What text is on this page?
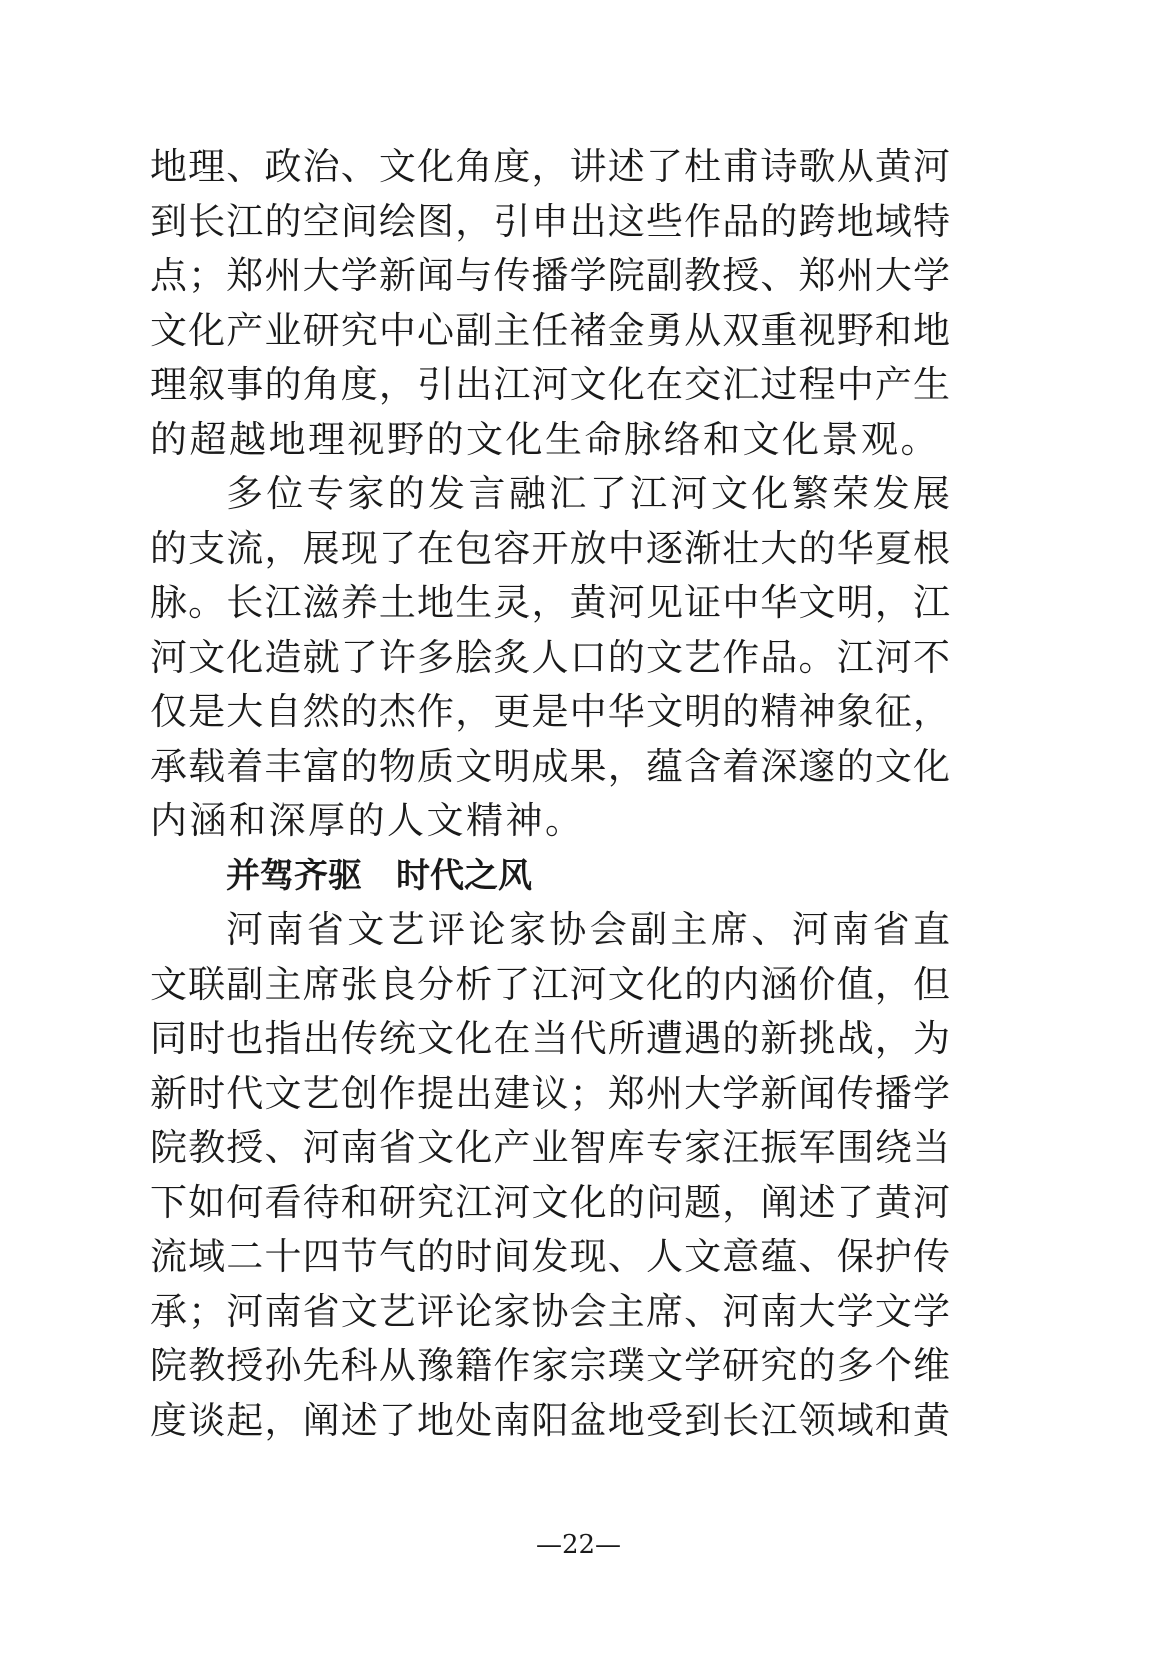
地理、政治、文化角度，讲述了杜甫诗歌从黄河
到长江的空间绘图，引申出这些作品的跨地域特
点；郑州大学新闻与传播学院副教授、郑州大学
文化产业研究中心副主任褚金勇从双重视野和地
理叙事的角度，引出江河文化在交汇过程中产生
的超越地理视野的文化生命脉络和文化景观。
多位专家的发言融汇了江河文化繁荣发展
的支流，展现了在包容开放中逐渐壮大的华夏根
脉。长江滋养土地生灵，黄河见证中华文明，江
河文化造就了许多脍炙人口的文艺作品。江河不
仅是大自然的杰作，更是中华文明的精神象征，
承载着丰富的物质文明成果，蕴含着深邃的文化
内涵和深厚的人文精神。
并驾齐驱　时代之风
河南省文艺评论家协会副主席、河南省直
文联副主席张良分析了江河文化的内涵价值，但
同时也指出传统文化在当代所遭遇的新挑战，为
新时代文艺创作提出建议；郑州大学新闻传播学
院教授、河南省文化产业智库专家汪振军围绕当
下如何看待和研究江河文化的问题，阐述了黄河
流域二十四节气的时间发现、人文意蕴、保护传
承；河南省文艺评论家协会主席、河南大学文学
院教授孙先科从豫籍作家宗璞文学研究的多个维
度谈起，阐述了地处南阳盆地受到长江领域和黄
—22—
